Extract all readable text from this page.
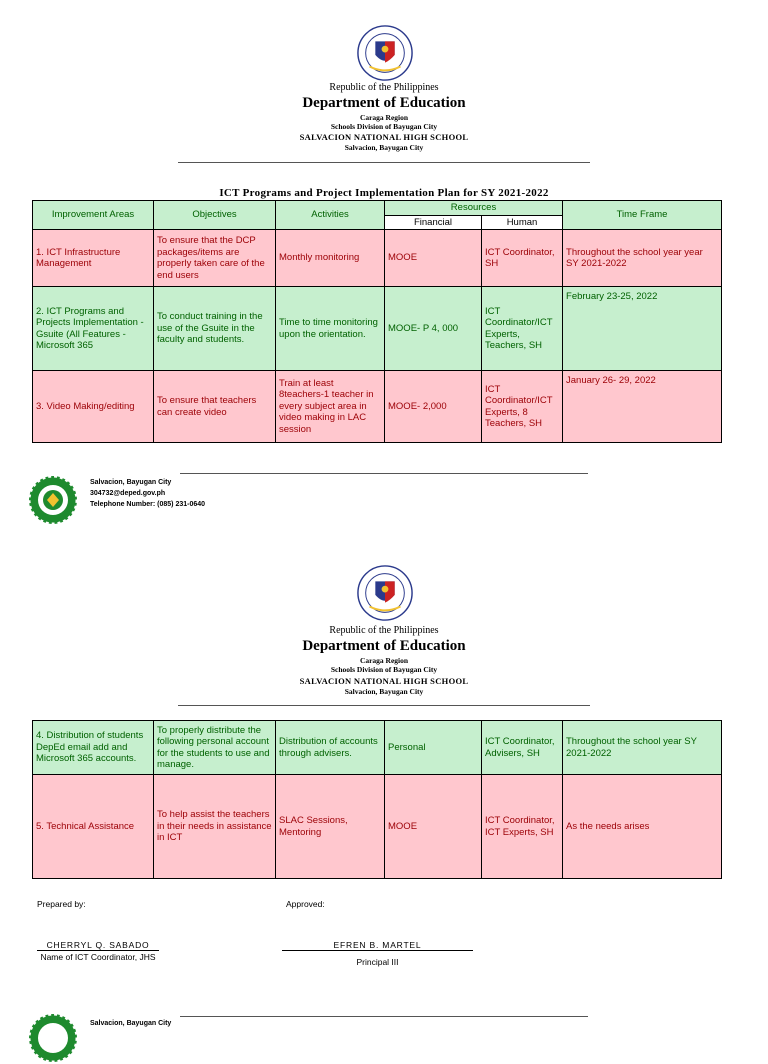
Republic of the Philippines
Department of Education
Caraga Region
Schools Division of Bayugan City
SALVACION NATIONAL HIGH SCHOOL
Salvacion, Bayugan City
ICT Programs and Project Implementation Plan for SY 2021-2022
Improvement Areas	Objectives	Activities	Resources		Time Frame
			Financial	Human	
1. ICT Infrastructure Management	To ensure that the DCP packages/items are properly taken care of the end users	Monthly monitoring	MOOE	ICT Coordinator, SH	Throughout the school year year SY 2021-2022
2. ICT Programs and Projects Implementation -Gsuite (All Features -Microsoft 365	To conduct training in the use of the Gsuite in the faculty and students.	Time to time monitoring upon the orientation.	MOOE- P 4, 000	ICT Coordinator/ICT Experts, Teachers, SH	February 23-25, 2022
3. Video Making/editing	To ensure that teachers can create video	Train at least 8teachers-1 teacher in every subject area in video making in LAC session	MOOE- 2,000	ICT Coordinator/ICT Experts, 8 Teachers, SH	January 26- 29, 2022
Salvacion, Bayugan City
304732@deped.gov.ph
Telephone Number: (085) 231-0640
Republic of the Philippines
Department of Education
Caraga Region
Schools Division of Bayugan City
SALVACION NATIONAL HIGH SCHOOL
Salvacion, Bayugan City
4. Distribution of students DepEd email add and Microsoft 365 accounts.	To properly distribute the following personal account for the students to use and manage.	Distribution of accounts through advisers.	Personal	ICT Coordinator, Advisers, SH	Throughout the school year SY 2021-2022
5. Technical Assistance	To help assist the teachers in their needs in assistance in ICT	SLAC Sessions, Mentoring	MOOE	ICT Coordinator, ICT Experts, SH	As the needs arises
Prepared by:	Approved:
CHERRYL Q. SABADO
Name of ICT Coordinator, JHS
EFREN B. MARTEL
Principal III
Salvacion, Bayugan City
